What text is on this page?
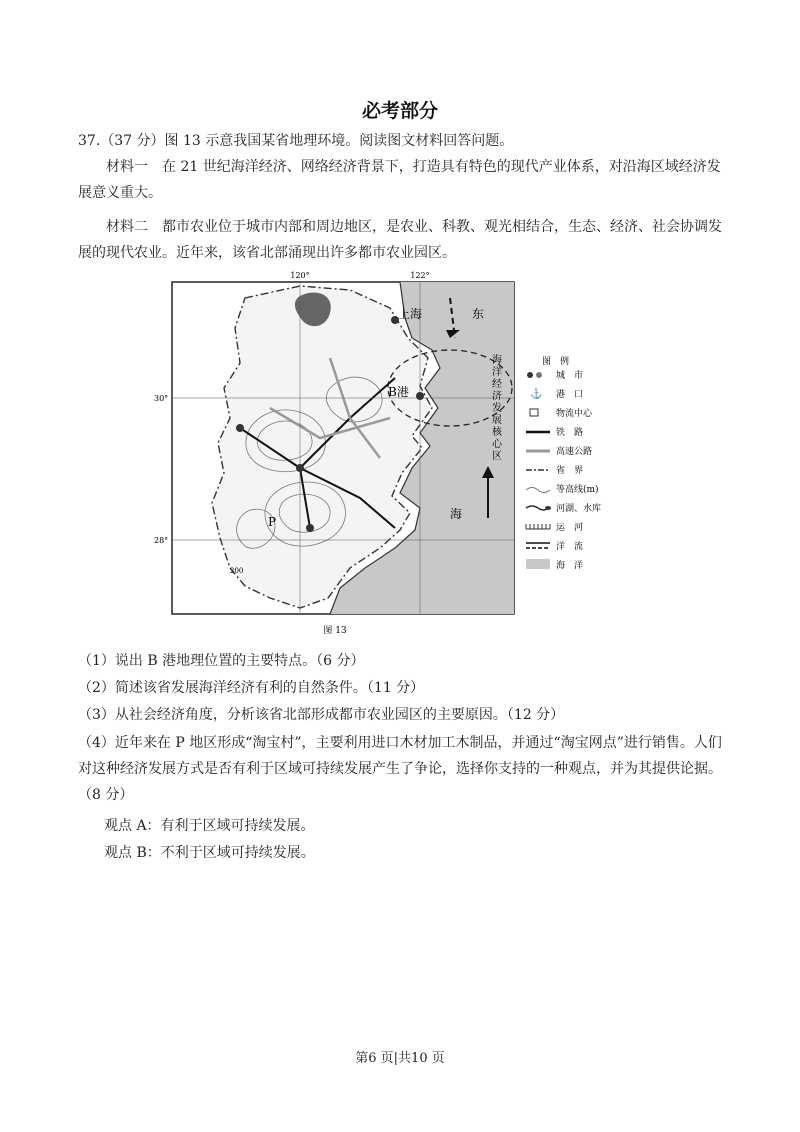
必考部分
37.（37 分）图 13 示意我国某省地理环境。阅读图文材料回答问题。
材料一　在 21 世纪海洋经济、网络经济背景下，打造具有特色的现代产业体系，对沿海区域经济发展意义重大。
材料二　都市农业位于城市内部和周边地区，是农业、科教、观光相结合，生态、经济、社会协调发展的现代农业。近年来，该省北部涌现出许多都市农业园区。
120°	122°
30°
28°
上海
B港
P
东
海
200
海洋经济发展核心区
图 13
图　例
城　市
⚓ 港　口
物流中心
铁　路
高速公路
省　界
等高线(m)
河湖、水库
运　河
洋　流
海　洋
（1）说出 B 港地理位置的主要特点。（6 分）
（2）简述该省发展海洋经济有利的自然条件。（11 分）
（3）从社会经济角度，分析该省北部形成都市农业园区的主要原因。（12 分）
（4）近年来在 P 地区形成“淘宝村”，主要利用进口木材加工木制品，并通过“淘宝网点”进行销售。人们对这种经济发展方式是否有利于区域可持续发展产生了争论，选择你支持的一种观点，并为其提供论据。（8 分）
观点 A：有利于区域可持续发展。
观点 B：不利于区域可持续发展。
第6 页|共10 页
